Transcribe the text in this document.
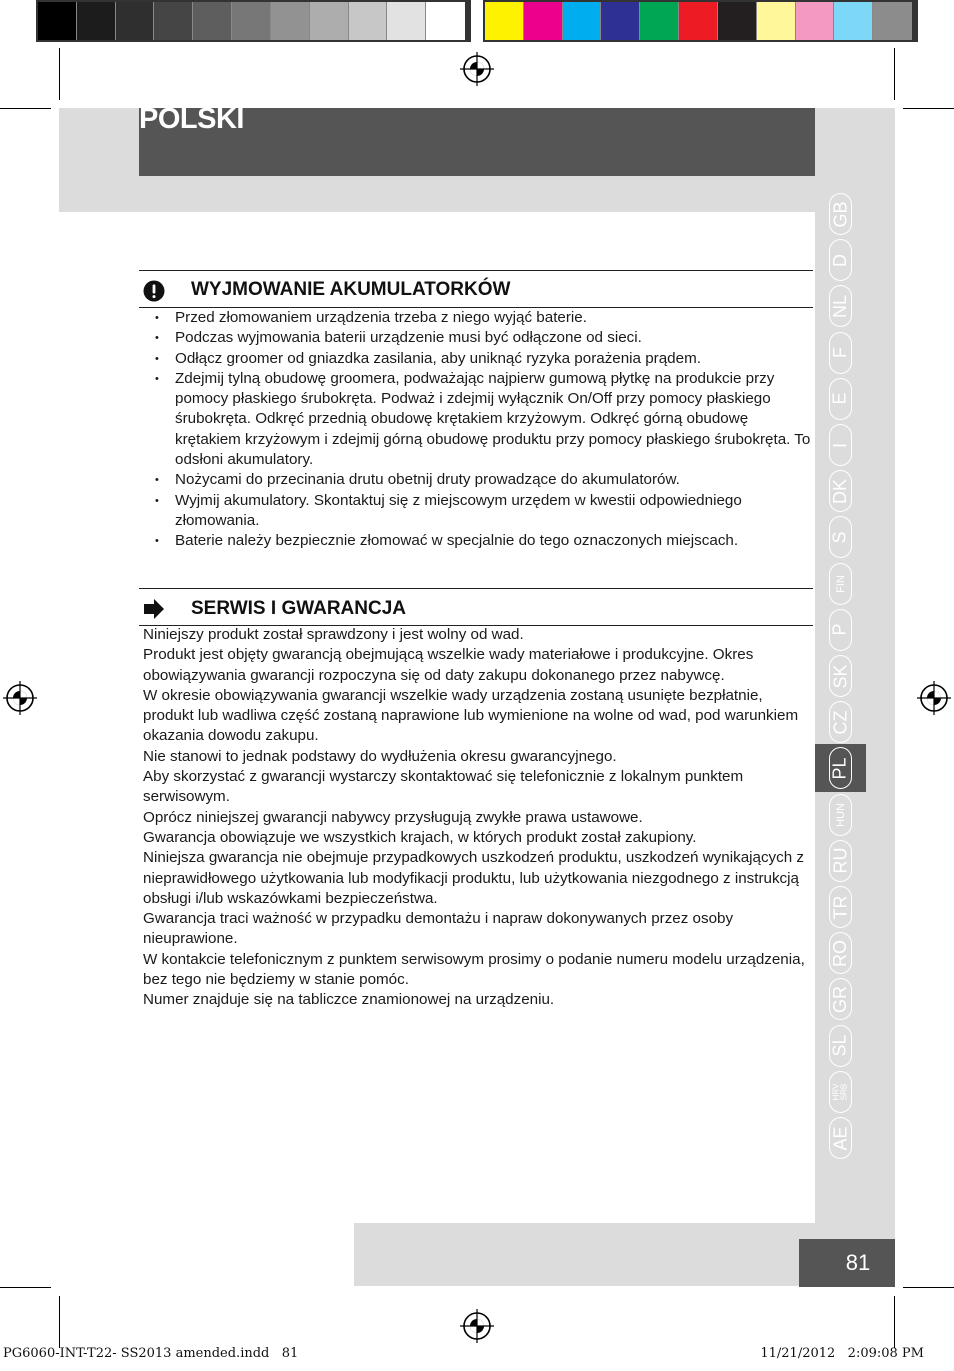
POLSKI
GB
D
NL
F
E
I
DK
S
FIN
P
SK
CZ
PL
HUN
RU
TR
RO
GR
SL
HRV
SRB
AE
WYJMOWANIE AKUMULATORKÓW
• Przed złomowaniem urządzenia trzeba z niego wyjąć baterie.
• Podczas wyjmowania baterii urządzenie musi być odłączone od sieci.
• Odłącz groomer od gniazdka zasilania, aby uniknąć ryzyka porażenia prądem.
• Zdejmij tylną obudowę groomera, podważając najpierw gumową płytkę na produkcie przy pomocy płaskiego śrubokręta. Podważ i zdejmij wyłącznik On/Off przy pomocy płaskiego śrubokręta. Odkręć przednią obudowę krętakiem krzyżowym. Odkręć górną obudowę krętakiem krzyżowym i zdejmij górną obudowę produktu przy pomocy płaskiego śrubokręta. To odsłoni akumulatory.
• Nożycami do przecinania drutu obetnij druty prowadzące do akumulatorów.
• Wyjmij akumulatory. Skontaktuj się z miejscowym urzędem w kwestii odpowiedniego złomowania.
• Baterie należy bezpiecznie złomować w specjalnie do tego oznaczonych miejscach.
SERWIS I GWARANCJA
Niniejszy produkt został sprawdzony i jest wolny od wad.
Produkt jest objęty gwarancją obejmującą wszelkie wady materiałowe i produkcyjne. Okres obowiązywania gwarancji rozpoczyna się od daty zakupu dokonanego przez nabywcę.
W okresie obowiązywania gwarancji wszelkie wady urządzenia zostaną usunięte bezpłatnie, produkt lub wadliwa część zostaną naprawione lub wymienione na wolne od wad, pod warunkiem okazania dowodu zakupu.
Nie stanowi to jednak podstawy do wydłużenia okresu gwarancyjnego.
Aby skorzystać z gwarancji wystarczy skontaktować się telefonicznie z lokalnym punktem serwisowym.
Oprócz niniejszej gwarancji nabywcy przysługują zwykłe prawa ustawowe.
Gwarancja obowiązuje we wszystkich krajach, w których produkt został zakupiony.
Niniejsza gwarancja nie obejmuje przypadkowych uszkodzeń produktu, uszkodzeń wynikających z nieprawidłowego użytkowania lub modyfikacji produktu, lub użytkowania niezgodnego z instrukcją obsługi i/lub wskazówkami bezpieczeństwa.
Gwarancja traci ważność w przypadku demontażu i napraw dokonywanych przez osoby nieuprawione.
W kontakcie telefonicznym z punktem serwisowym prosimy o podanie numeru modelu urządzenia, bez tego nie będziemy w stanie pomóc.
Numer znajduje się na tabliczce znamionowej na urządzeniu.
81
PG6060-INT-T22- SS2013 amended.indd   81	11/21/2012   2:09:08 PM
